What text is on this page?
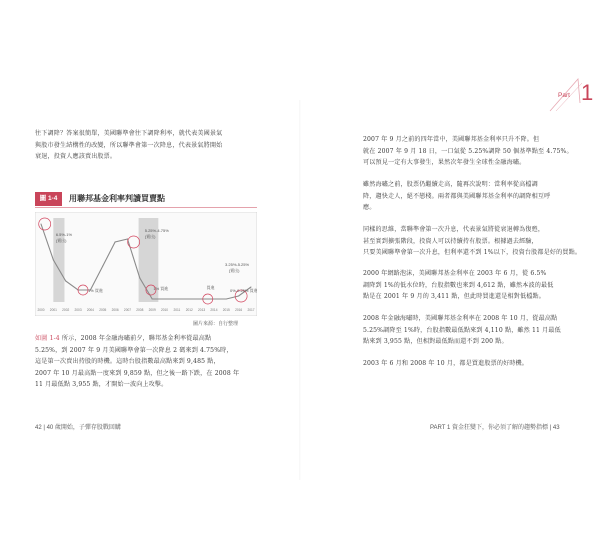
往下調降？答案很簡單，美國聯準會往下調降利率，就代表美國景氣
與股市發生結構性的改變，所以聯準會第一次降息，代表景氣將開始
衰退，投資人應該賣出股票。
圖 1-4	用聯邦基金利率判讀買賣點
2000 2001 2002 2003 2004 2005 2006 2007 2008 2009 2010 2011 2012 2013 2014 2015 2016 2017
6.5%-1%
(賣出)
1% 買進
5.25%-4.75%
(賣出)
1% 買進	買進
3.25%-5.25%
(賣出)
0%-0.25% 買進
圖片來源：自行整理
如圖 1-4 所示，2008 年金融海嘯前夕，聯邦基金利率從最高點
5.25%，到 2007 年 9 月美國聯準會第一次降息 2 碼來到 4.75%時，
這是第一次賣出持股的時機。這時台股指數最高點來到 9,485 點，
2007 年 10 月最高點一度來到 9,859 點，但之後一路下跌，在 2008 年
11 月最低點 3,955 點，才開始一波向上攻擊。
42 | 40 歲開始，子彈存股戰回購
2007 年 9 月之前的四年當中，美國聯邦基金利率只升不降。但
就在 2007 年 9 月 18 日，一口氣從 5.25%調降 50 個基準點至 4.75%。
可以預見一定有大事發生，果然次年發生全球性金融海嘯。
雖然海嘯之前，股票仍繼續走高，隨再次說明：當利率從高檔調
降，趨快走人，絕不戀棧。兩者都與美國聯邦基金利率的調降相互呼
應。
同樣的思維，當聯準會第一次升息，代表景氣將從衰退轉為復甦，
甚至實到擴張階段，投資人可以持續持有股票。根據過去經驗，
只要美國聯準會第一次升息，但利率還不到 1%以下，投資台股都是好的買點。
2000 年網路泡沫，美國聯邦基金利率在 2003 年 6 月，從 6.5%
調降到 1%的低水位時，台股指數也來到 4,612 點，雖然本波的最低
點是在 2001 年 9 月的 3,411 點，但此時買進還是相對低檔點。
2008 年金融海嘯時，美國聯邦基金利率在 2008 年 10 月，從最高點
5.25%調降至 1%時，台股指數最低點來到 4,110 點，雖然 11 月最低
點來到 3,955 點，但相對最低點而還不到 200 點。
2003 年 6 月和 2008 年 10 月，都是買進股票的好時機。
PART 1 資金狂變下，你必須了解的趨勢指標 | 43
Part 1
